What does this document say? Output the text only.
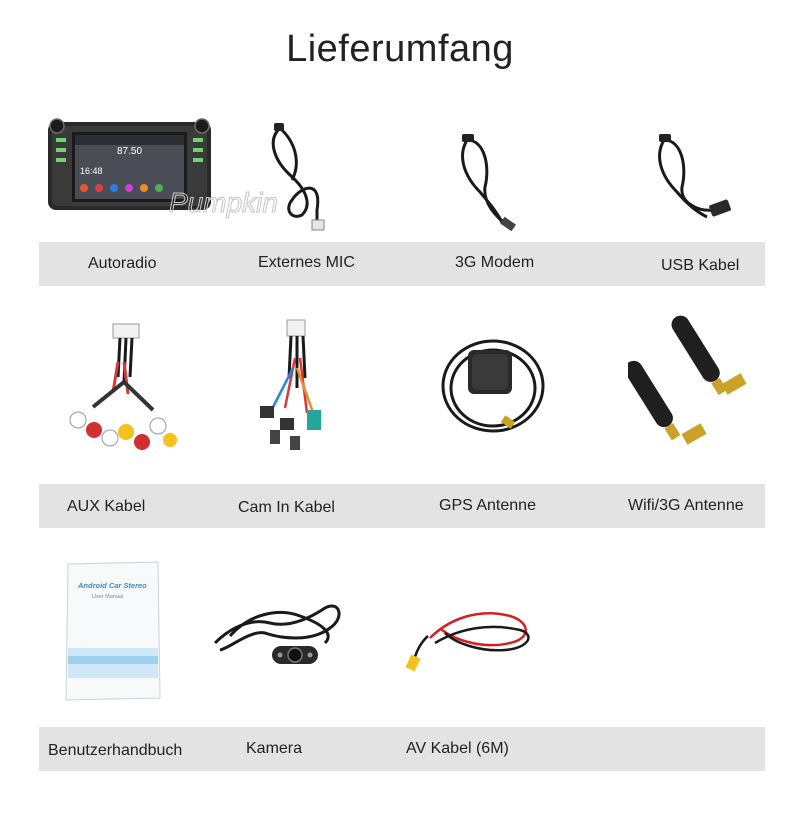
Lieferumfang
87.50
16:48
Pumpkin
Android Car Stereo
User Manual
Autoradio	Externes MIC	3G Modem	USB Kabel
AUX Kabel	Cam In Kabel	GPS Antenne	Wifi/3G Antenne
Benutzerhandbuch	Kamera	AV Kabel (6M)
